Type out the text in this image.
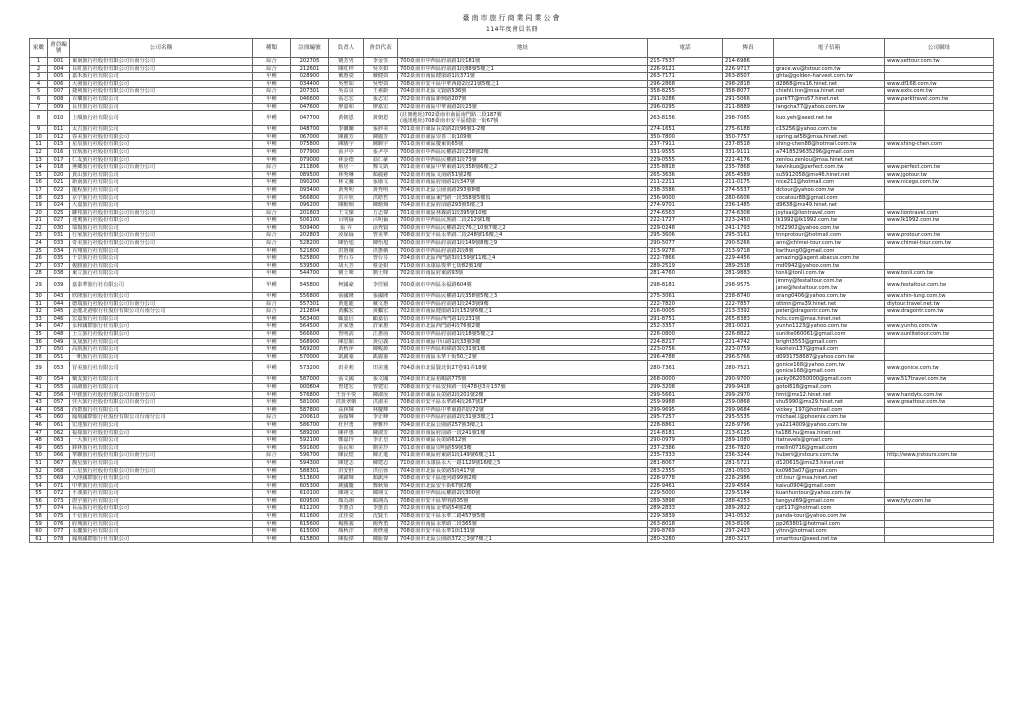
臺南市旅行商業同業公會
114年度會員名冊
家數	會員編號	公司名稱	種類	註冊編號	負責人	會員代表	地址	電話	傳真	電子信箱	公司網址
1	001	東南旅行社股份有限公司台南分公司	綜合	202705	劉芳男	李金筌	700臺南市中西區府前路1段181號	215-7537	214-6986		www.settour.com.tw
2	004	長虹旅行社股份有限公司台南分公司	綜合	212601	陳紅梓	吳幸娟	700臺南市中西區府前路1段88號5樓之1	226-9121	226-9717	grace.wu@tstour.com.tw	
3	005	嘉禾旅行社有限公司	甲種	028900	戴惠姿	戴健如	702臺南市南區健康路1段371號	263-7171	263-8507	ghta@golden-harvest.com.tw	
4	006	大發旅行社股份有限公司	甲種	034400	吳聖如	吳聖如	708臺南市安平區中華西路2段21號5樓之1	296-2868	298-2818	d2868@ms16.hinet.net	www.df168.com.tw
5	007	捷利旅行社股份有限公司台南分公司	綜合	207301	吳益良	王素齡	704臺南市北區文賢路536號	358-8255	358-8077	chiehli.tnn@msa.hinet.net	www.exts.com.tw
6	008	百樂旅行社有限公司	甲種	046600	張志宏	張志宏	702臺南市南區新興路207號	291-9286	291-5066	parkT7@ms57.hinet.net	www.parktravel.com.tw
7	009	長佳旅行社有限公司	甲種	047600	廖嘉和	廖嘉宏	702臺南市南區中華南路2段23號	296-0295	211-8889	langcha77@yahoo.com.tw	
8	010	上順旅行社有限公司	甲種	047700	黃朝恩	黃朝恩	(註冊地址)702臺南市南區南門路二段187號
(通訊地址)708臺南市安平區健康一街67號	263-8156	298-7085	kuo.yeh@seed.net.tw	
9	011	太吉旅行社有限公司	甲種	048700	李馨蘭	張妙美	701臺南市東區長榮路2段96號1-2樓	274-1651	275-6188	c15256@yahoo.com.tw	
10	012	春美旅行社股份有限公司	甲種	067000	陳麗芳	陳麗芳	701臺南市東區崇善二街109號	350-7800	350-7757	spring.wl58@msa.hinet.net	
11	015	星辰旅行社股份有限公司	甲種	075800	陳駿宇	陳駿宇	701臺南市東區慶東街65號	237-7911	237-8518	shing-chen88@hotmail.com.tw	www.shing-chen.com
12	016	宜航旅行社股份有限公司	甲種	077900	張尹亭	張尹亭	700臺南市中西區民權路2段238號2樓	331-9555	331-9111	a7418529635296@gmail.com	
13	017	仁友旅行社股份有限公司	甲種	079000	林金德	翁仁豪	700臺南市中西區民權路1段73號	229-0555	221-4176	zenlou.zenlou@msa.hinet.net	
14	018	燕鄉旅行社股份有限公司台南分公司	綜合	211806	蔡居一	鄭文凱	701臺南市東區中華東路1段358號6樓之2	235-8818	235-7868	kevinkuo@perfect.com.tw	www.perfect.com.tw
15	020	貴山旅行社有限公司	甲種	089500	林秀琳	顏麗慈	702臺南市南區文南路51號2樓	265-3636	265-4589	su5912058@ms46.hinet.net	www.jgotour.tw
16	021	新南旅行社有限公司	甲種	090200	林文馨	張瑜文	702臺南市南區府南路1段347號	211-2211	211-0175	nice211@hotmail.com	www.nicego.com.tw
17	022	龍程旅行社有限公司	甲種	093400	黃秀明	黃秀明	704臺南市北區公園南路293號8樓	238-3586	274-5537	dctour@yahoo.com.tw	
18	023	京宇旅行社有限公司	甲種	566800	洪卉欣	洪皓哲	701臺南市東區東門路一段358號5樓頂	236-9000	280-6606	cocatour88@gmail.com	
19	024	大嘉旅行社有限公司	甲種	096200	陳勳炯	陳勳炯	704臺南市北區府前路293號5樓之3	274-9701	236-1485	d9638@ms49.hinet.net	
20	025	聯邦旅行社股份有限公司台南分公司	綜合	201803	王文傑	方志偉	701臺南市東區林森路1段395號10樓	274-6563	274-6308	joytsai@liontravel.com	www.liontravel.com
21	027	達奧旅行社股份有限公司	甲種	506100	呂明倫	呂明倫	700臺南市中西區民族路二段212號1樓	222-1727	223-2450	lk1992@lk1992.com.tw	www.lk1992.com.tw
22	030	瑞揚旅行社有限公司	甲種	509400	張 卉	涂秀賢	700臺南市中西區民權路2段76之10號7樓之2	229-0248	241-1793	hf22902@yahoo.com.tw	
23	031	行家旅行社股份有限公司台南分公司	綜合	202803	凌保倫	曾美華	708臺南市安平區永華路二段248號16樓之4	295-3606	295-3161	tnnprotour@hotmail.com	www.protour.com.tw
24	033	奇美旅行社股份有限公司台南分公司	綜合	528200	陳怡旭	陳怡旭	700臺南市中西區府前路1段149號8樓之9	290-5077	290-5266	ann@chimei-tour.com.tw	www.chimei-tour.com.tw
25	034	百翔旅行社有限公司	甲種	521800	洪惠娥	洪惠娥	700臺南市中西區府前路2段8號	213-9278	213-9718	karlhung0@gmail.com	
26	035	千景旅行社有限公司	甲種	525800	曾台芬	曾台芬	704臺南市北區西門路3段159號11樓之4	222-7866	229-4456	amazing@agent.abacus.com.tw	
27	037	俊勝旅行社有限公司	甲種	539500	胡大芳	蔡金娟	710臺南市永康區復華七街82號1樓	289-2519	289-2518	md0942@yahoo.com.tw	
28	038	東立旅行社有限公司	甲種	544700	劉士咪	劉士咪	702臺南市南區府東路93號	281-4760	281-9883	tonli@tonli.com.tw	www.tonli.com.tw
29	039	嘉泰華旅行社有限公司	甲種	545800	柯國豪	李佳穎	700臺南市中西區永福路604號	298-8181	298-9575	jimmy@festaltour.com.tw
jane@festaltour.com.tw	www.festaltour.com.tw
30	043	欣隆旅行社股份有限公司	甲種	556800	張國隆	張國隆	700臺南市中西區民權路1段358號5樓之3	275-3061	238-8740	orang0406@yahoo.com.tw	www.shin-lung.com.tw
31	044	德瑞旅行社股份有限公司台南分公司	綜合	557301	黃進龍	戴文惠	700臺南市中西區府前路1段243號9樓	222-7820	222-7857	ottmn@ms39.hinet.net	diytour.travel.net.tw
32	045	金龍北港旅行社股份有限公司台南分公司	綜合	212804	黃鵬宏	黃鵬宏	702臺南市南區健康路1段152號6樓之1	216-0005	213-3392	peter@dragontr.com.tw	www.dragontr.com.tw
33	046	宏嘉旅行社有限公司	甲種	563400	顧嘉信	顧嘉信	700臺南市中西區西門路1段231號	291-8751	265-8383	hcts.com@msa.hinet.net	
34	047	永和國際旅行社有限公司	甲種	564500	許家惠	許家惠	704臺南市北區西門路4段76號2樓	252-3357	281-0021	yunho1123@yahoo.com.tw	www.yunho.com.tw
35	048	上立旅行社股份有限公司	甲種	566600	曾明淸	江惠茵	700臺南市中西區府前路1段18號5樓之2	226-0800	226-8822	sunlite060061@gmail.com	www.sunlitetour.com.tw
36	049	友晟旅行社有限公司	甲種	568900	陳思穎	黃信義	701臺南市東區中山路1段33號3樓	224-8217	221-4742	bright3553@gmail.com	
37	050	高航旅行社有限公司	甲種	569200	黃秋萍	陳峻源	700臺南市中西區和緯路3段31號1樓	223-0756	223-0759	kaohsin137@gmail.com	
38	051	一帆旅行社有限公司	甲種	570000	凱麗蓁	凱麗蓁	702臺南市南區永華十街50之2號	296-4788	296-5766	d0931758687@yahoo.com.tw	
39	053	冒美旅行社有限公司	甲種	573200	田美莉	田美蓮	704臺南市北區賢北街27卷91弄18號	280-7361	280-7521	gonice168@yahoo.com.tw
gonice168@gmail.com	www.gonice.com.tw
40	054	戴友旅行社有限公司	甲種	587000	張文國	張文國	704臺南市北區裕順路775號	268-0000	290-9700	jacky062050000@gmail.com	www.517travel.com.tw
41	055	前讀旅行社有限公司	甲種	000804	曾建宏	曾建宏	708臺南市安平區安和路一段478巷3弄137號	299-3208	299-9418	gotol618@gmail.com	
42	056	中鎂旅行社股份有限公司台南分公司	甲種	576800	王晉平愛	陳淑汝	701臺南市東區長榮路2段201號2樓	299-5661	299-2970	hmt@ms12.hinet.net	www.handyts.com.tw
43	057	佳大旅行社股份有限公司台南分公司	甲種	581000	洪黃翠娥	洪淑美	708臺南市安平區永華路4段267號1F	259-9988	259-0868	shu5990@ms29.hinet.net	www.greattour.com.tw
44	058	尚群旅行社有限公司	甲種	587800	高林輝	林慶輝	700臺南市中西區中華東路四段72號	299-9695	299-9684	vickey_197@hotmail.com	
45	060	鳳凰國際旅行社股份有限公司台南分公司	綜合	200610	張翰輝	李正峰	700臺南市中西區府前路2段31號3樓之1	295-7257	295-5535	michael.l@phoenix.com.tw	
46	061	宏達旅行社有限公司	甲種	586700	杜世勇	廖雅玲	704臺南市北區公園路257號3樓之1	228-8861	228-9796	ya2214009@yahoo.com.tw	
47	062	福祿旅行社股份有限公司	甲種	589200	陳祥惠	陳淑芳	702臺南市南區府前路一段241號1樓	214-8181	213-6125	ta188.hu@msa.hinet.net	
48	063	一大旅行社有限公司	甲種	592100	鄭嘉玲	李正皇	701臺南市東區長榮路612號	290-0979	289-1080	itatravels@gmail.com	
49	065	鋒林旅行社有限公司	甲種	591600	張民和	劉美玲	701臺南市東區崇明路59號3樓	237-2386	236-7820	meilin0716@gmail.com	
50	066	華聯旅行社股份有限公司台南分公司	綜合	596700	陳民煌	陳正進	701臺南市東區府東路1段149號6樓之11	235-7333	236-3244	hubert@jrstours.com.tw	http://www.jrstours.com.tw
51	067	馥星旅行社有限公司	甲種	594300	陳建志	陳建志	710臺南市永康區永大一路1129號16樓之5	281-8067	281-5721	d120615@ms23.hinet.net	
52	068	三星旅行社股份有限公司台南分公司	甲種	588301	洪安舒	洪信蓉	704臺南市北區長榮路5段417號	283-2355	281-0503	ks0983a07@gmail.com	
53	069	大陸國際旅行社有限公司	甲種	513600	陳錦輝	顏凱萍	708臺南市安平區運河路99號2樓	228-9778	228-2986	ctl.tour @msa.hinet.net	
54	071	中華旅行社有限公司	甲種	605300	姚國慶	鄭秋菊	704臺南市北區安平街67號2樓	228-9461	229-4564	kaivu0904@gmail.com	
55	072	平漢旅行社有限公司	甲種	610100	陳翊文	陳翊文	700臺南市中西區民權路2段300號	229-5000	229-5184	kuanhuntour@yahoo.com.tw	
56	073	唐宇旅行社有限公司	甲種	609500	顏為翊	顏翊為	708臺南市安平區華明路35號	289-3898	288-4253	tangyul69@gmail.com	www.tyty.com.tw
57	074	長品旅行社股份有限公司	甲種	611200	李蕙貞	李蕙貞	702臺南市南區金華路54號2樓	289-2833	289-2822	cpt117@hotmail.com	
58	075	千信旅行社有限公司	甲種	611600	沈佳姿	沈賢玉	708臺南市安平區永華二路457號5樓	229-3839	241-0532	panda-tour@yahoo.com.tw	
59	076	府城旅行社有限公司	甲種	615600	楊勝義	楊秀勇	702臺南市南區永華路二段365號	263-8018	263-8106	pp263801@hotmail.com	
60	077	永慶旅行社有限公司	甲種	615000	顏秋洋	黃修通	708臺南市安平區永華1街131號	299-8769	297-2423	yltnn@hotmail.com	
61	078	鳳凰國際旅行社有限公司	甲種	615800	陳振偉	陳振偉	704臺南市北區公園路372之3號7樓之1	280-3280	280-3217	smarttour@seed.net.tw	
